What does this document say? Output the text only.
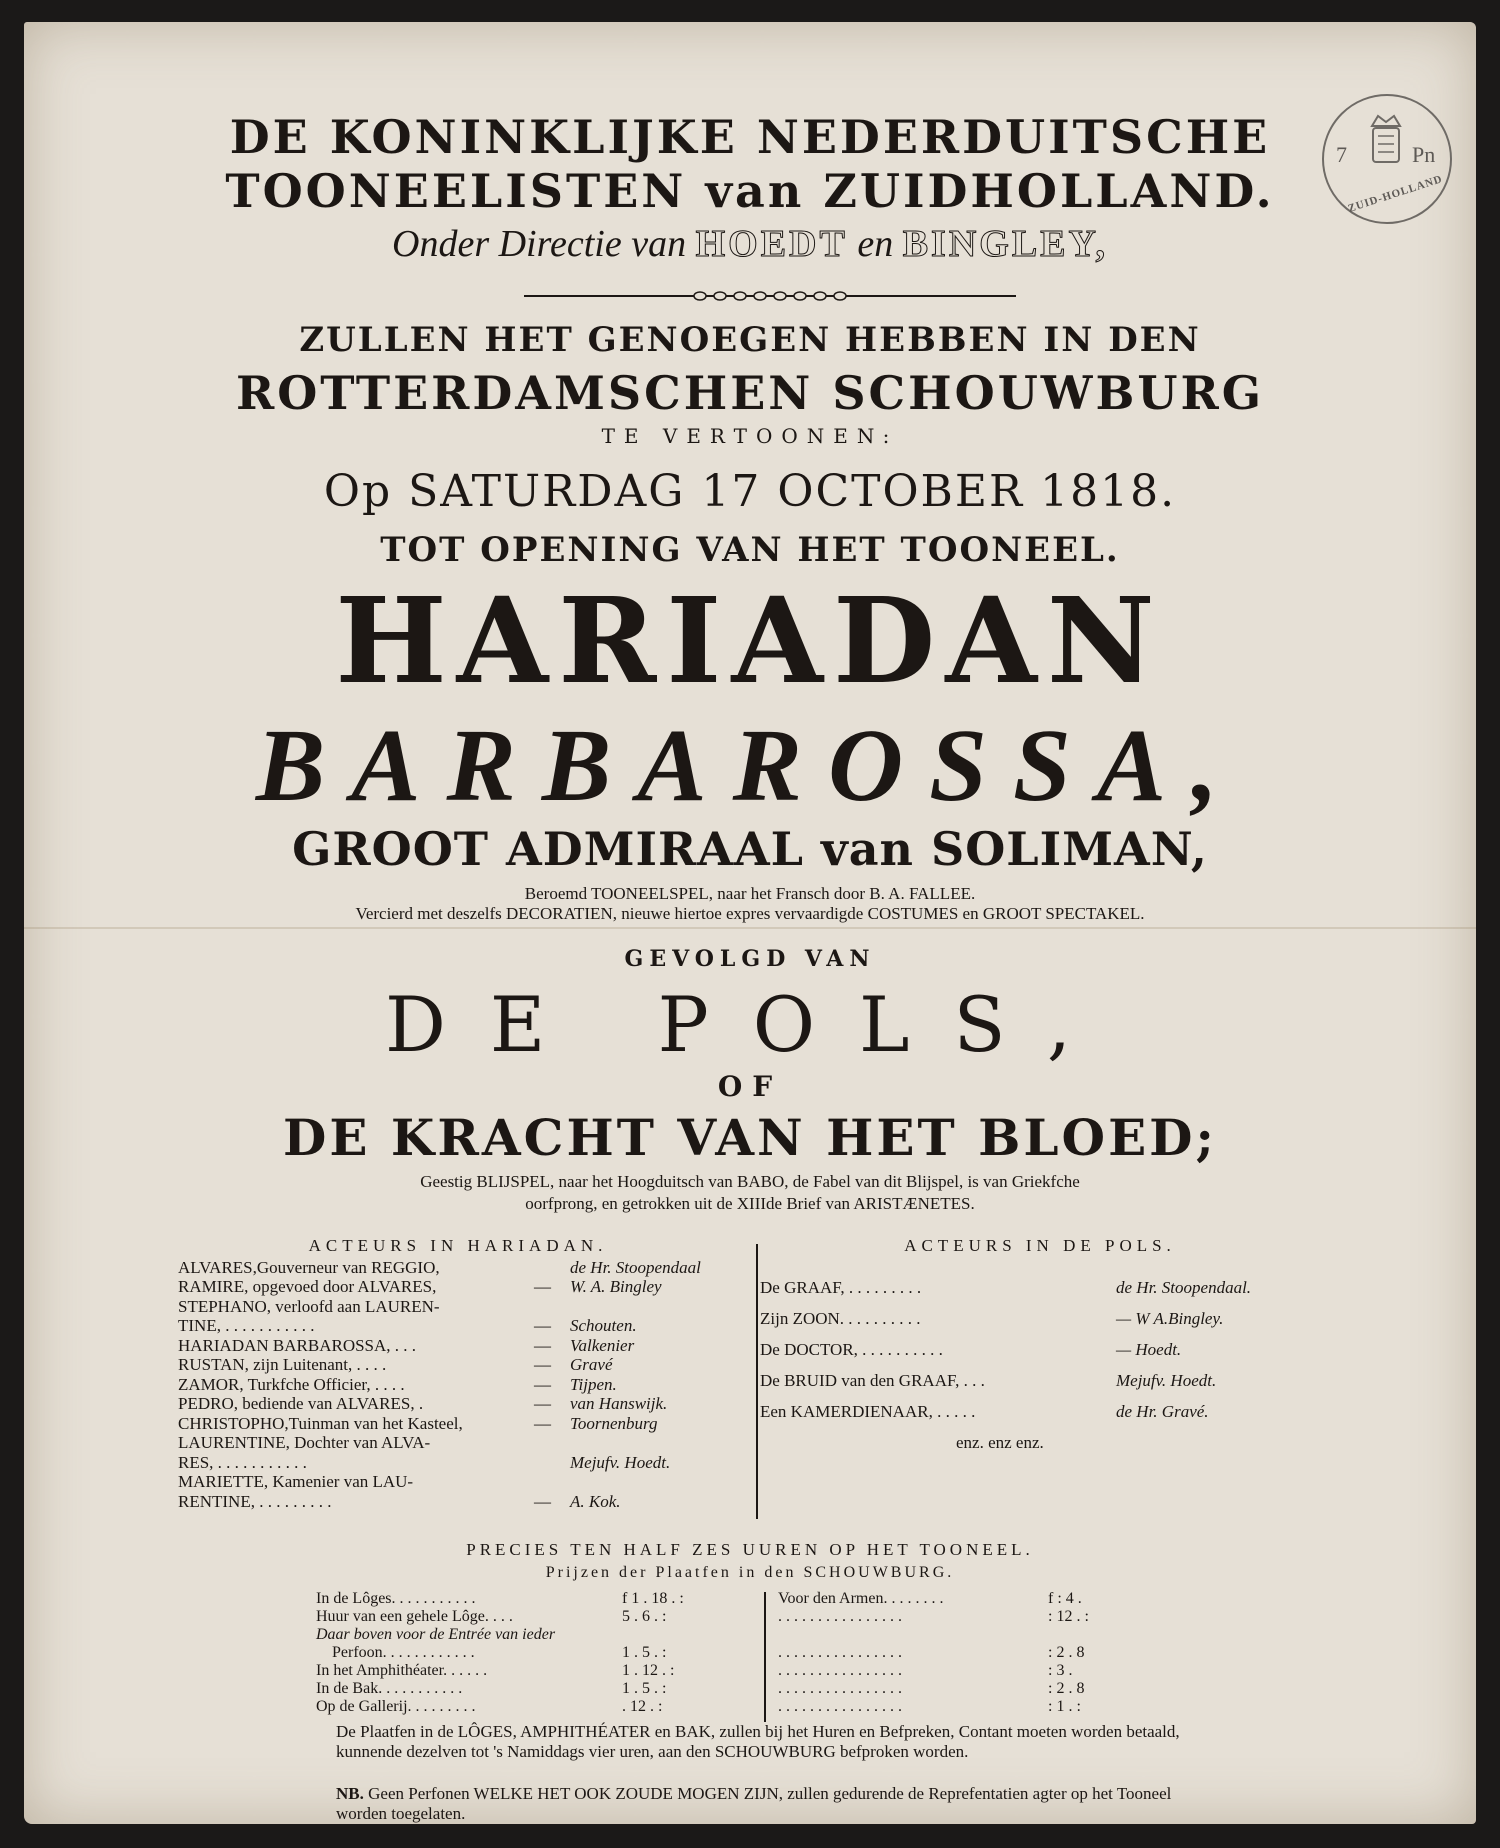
7	Pn
ZUID-HOLLAND
DE KONINKLIJKE NEDERDUITSCHE
TOONEELISTEN van ZUIDHOLLAND.
Onder Directie van HOEDT en BINGLEY,
ZULLEN HET GENOEGEN HEBBEN IN DEN
ROTTERDAMSCHEN SCHOUWBURG
TE VERTOONEN:
Op SATURDAG 17 OCTOBER 1818.
TOT OPENING VAN HET TOONEEL.
HARIADAN
BARBAROSSA,
GROOT ADMIRAAL van SOLIMAN,
Beroemd TOONEELSPEL, naar het Fransch door B. A. FALLEE.
Vercierd met deszelfs DECORATIEN, nieuwe hiertoe expres vervaardigde COSTUMES en GROOT SPECTAKEL.
GEVOLGD VAN
DE POLS,
OF
DE KRACHT VAN HET BLOED;
Geestig BLIJSPEL, naar het Hoogduitsch van BABO, de Fabel van dit Blijspel, is van Griekfche
oorfprong, en getrokken uit de XIIIde Brief van ARISTÆNETES.
ACTEURS IN HARIADAN.
ALVARES,Gouverneur van REGGIO,	de Hr. Stoopendaal
RAMIRE, opgevoed door ALVARES,	— W. A. Bingley
STEPHANO, verloofd aan LAUREN-
TINE, . . . . . . . . . . .	— Schouten.
HARIADAN BARBAROSSA, . . .	— Valkenier
RUSTAN, zijn Luitenant, . . . .	— Gravé
ZAMOR, Turkfche Officier, . . . .	— Tijpen.
PEDRO, bediende van ALVARES, .	— van Hanswijk.
CHRISTOPHO,Tuinman van het Kasteel,	— Toornenburg
LAURENTINE, Dochter van ALVA-
RES, . . . . . . . . . . .	Mejufv. Hoedt.
MARIETTE, Kamenier van LAU-
RENTINE, . . . . . . . . .	— A. Kok.
ACTEURS IN DE POLS.
De GRAAF, . . . . . . . . .	de Hr. Stoopendaal.
Zijn ZOON. . . . . . . . . .	— W A.Bingley.
De DOCTOR, . . . . . . . . . .	— Hoedt.
De BRUID van den GRAAF, . . .	Mejufv. Hoedt.
Een KAMERDIENAAR, . . . . .	de Hr. Gravé.
enz. enz enz.
PRECIES TEN HALF ZES UUREN OP HET TOONEEL.
Prijzen der Plaatfen in den SCHOUWBURG.
In de Lôges. . . . . . . . . . .	f 1 . 18 . :
Huur van een gehele Lôge. . . .	5 . 6 . :
Daar boven voor de Entrée van ieder
Perfoon. . . . . . . . . . . .	1 . 5 . :
In het Amphithéater. . . . . .	1 . 12 . :
In de Bak. . . . . . . . . . .	1 . 5 . :
Op de Gallerij. . . . . . . . .	. 12 . :
Voor den Armen. . . . . . . .	f : 4 .
. . . . . . . . . . . . . . . .	: 12 . :
. . . . . . . . . . . . . . . .	: 2 . 8
. . . . . . . . . . . . . . . .	: 3 .
. . . . . . . . . . . . . . . .	: 2 . 8
. . . . . . . . . . . . . . . .	: 1 . :
De Plaatfen in de LÔGES, AMPHITHÉATER en BAK, zullen bij het Huren en Befpreken, Contant moeten worden betaald, kunnende dezelven tot 's Namiddags vier uren, aan den SCHOUWBURG befproken worden.
NB. Geen Perfonen WELKE HET OOK ZOUDE MOGEN ZIJN, zullen gedurende de Reprefentatien agter op het Tooneel worden toegelaten.
